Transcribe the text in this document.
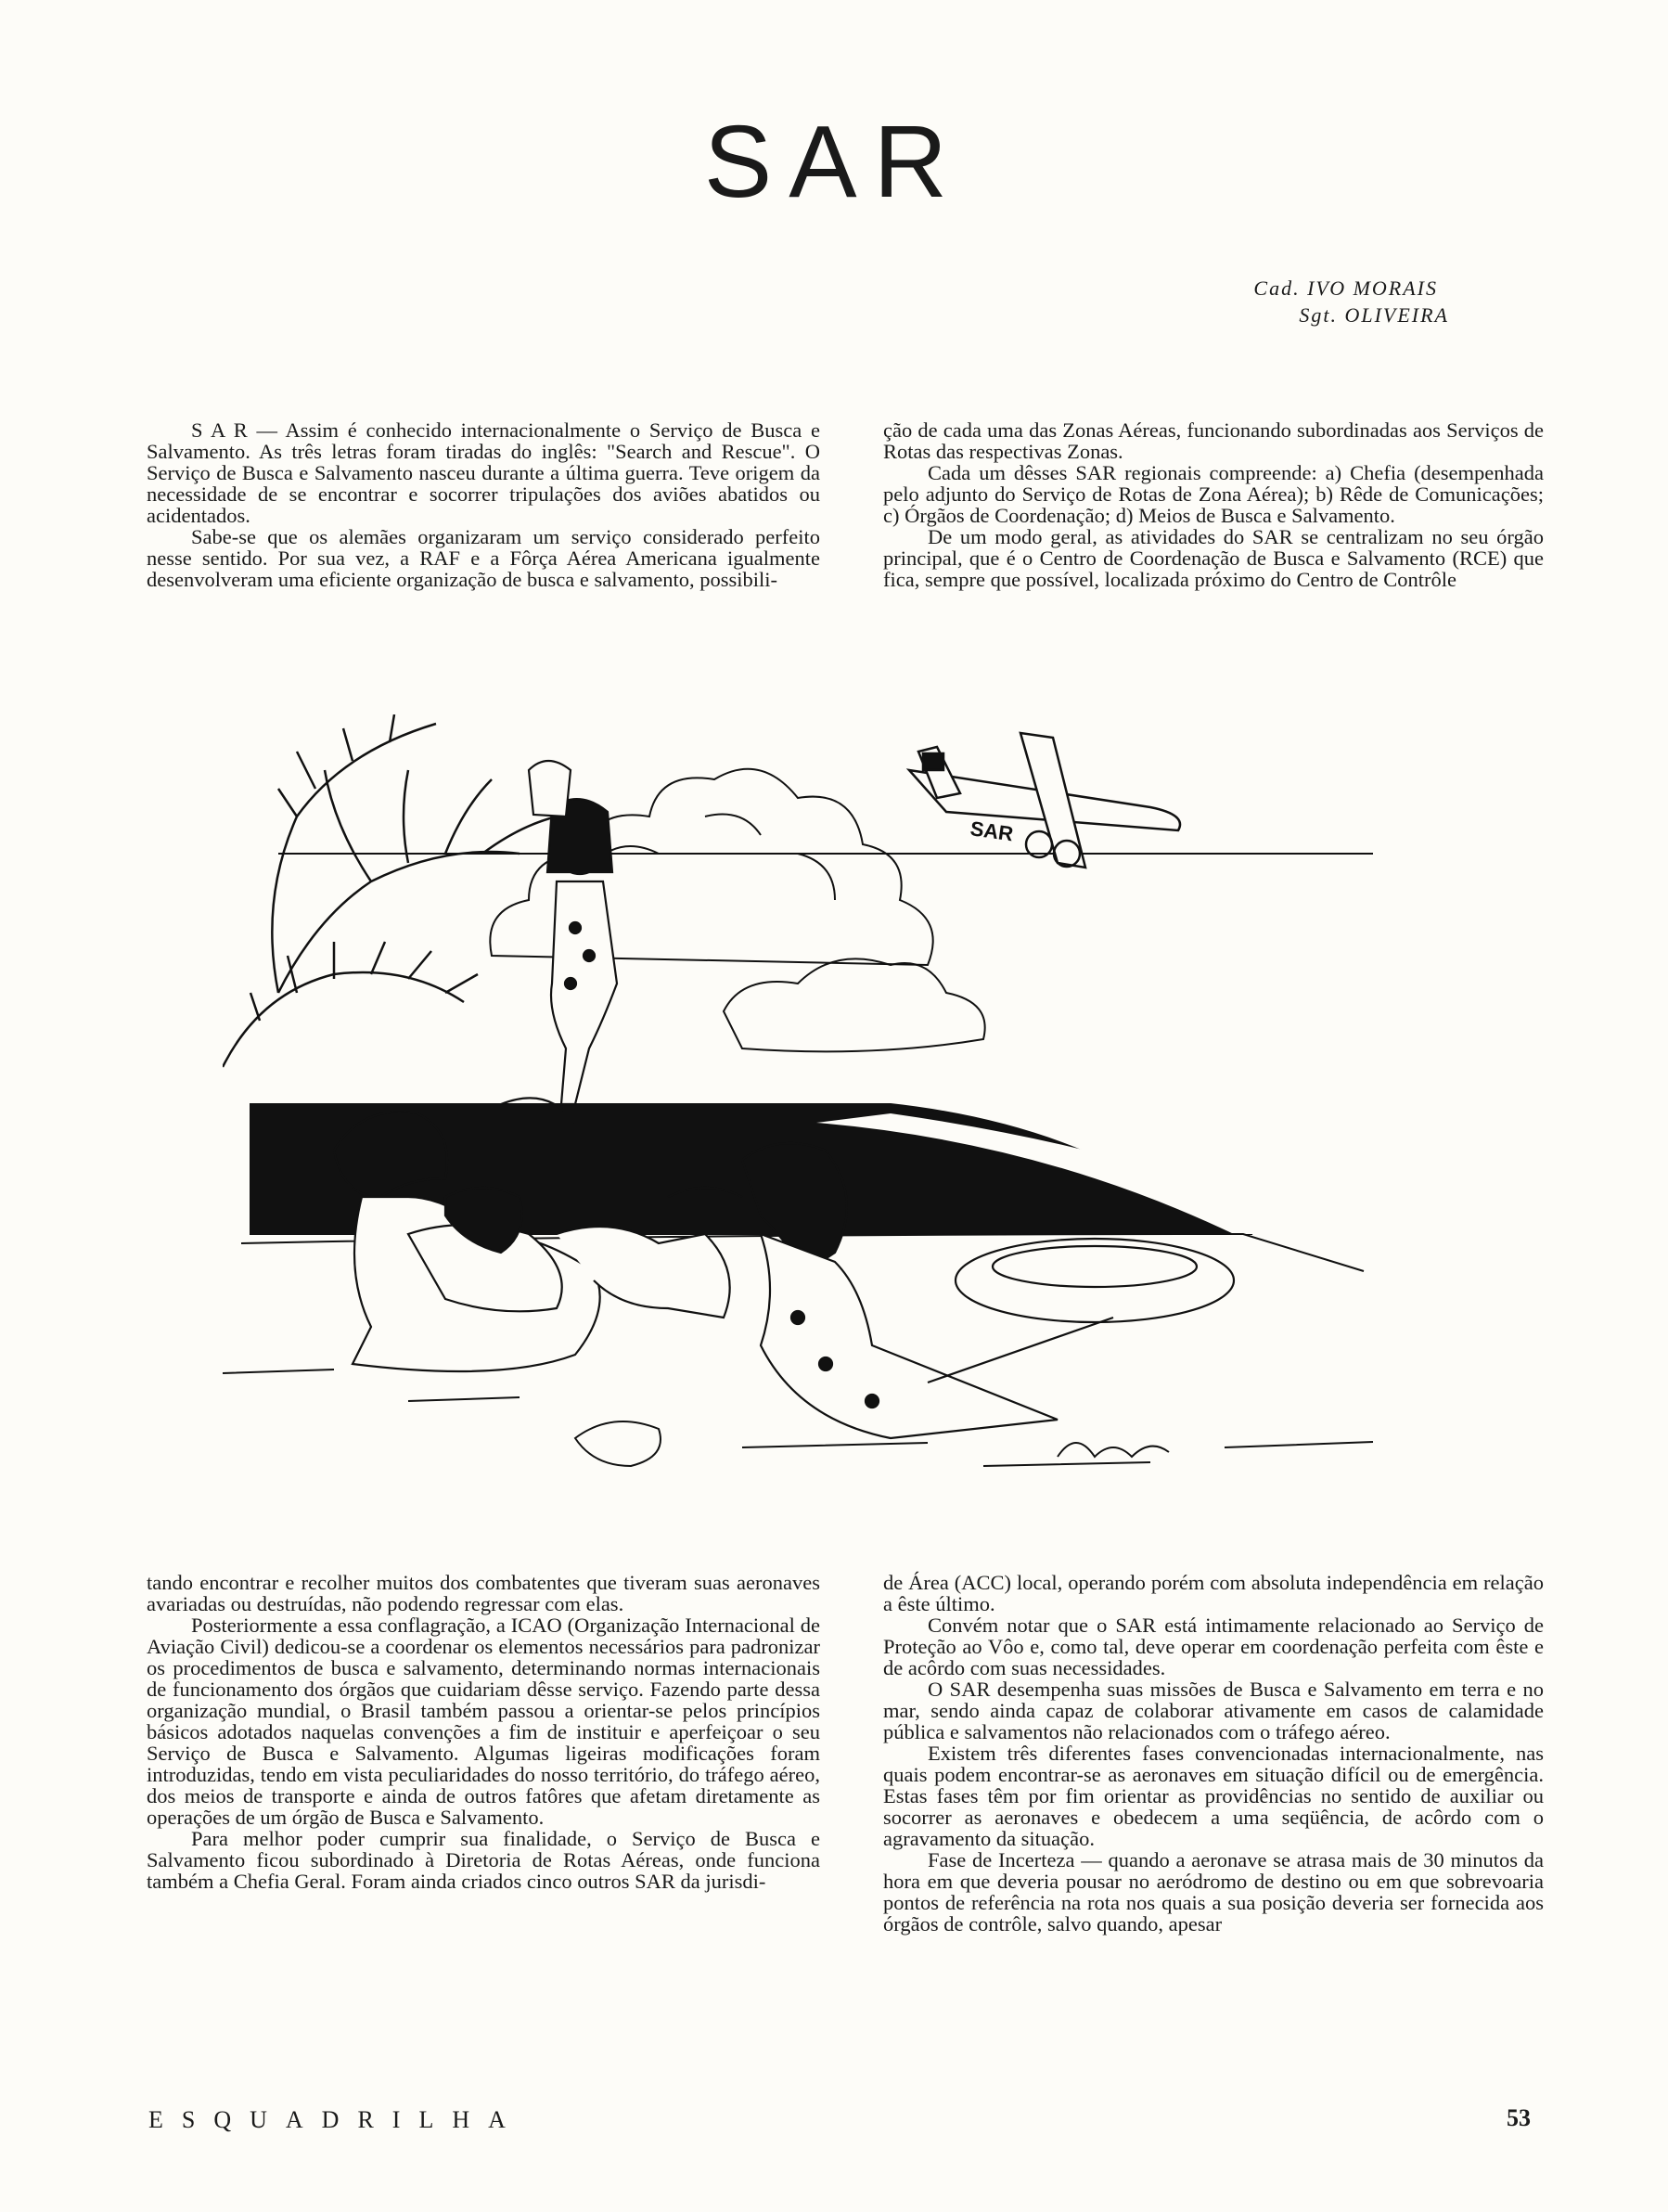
SAR
Cad. IVO MORAIS
Sgt. OLIVEIRA

S A R — Assim é conhecido internacionalmente o Serviço de Busca e Salvamento. As três letras foram tiradas do inglês: "Search and Rescue". O Serviço de Busca e Salvamento nasceu durante a última guerra. Teve origem da necessidade de se encontrar e socorrer tripulações dos aviões abatidos ou acidentados.

Sabe-se que os alemães organizaram um serviço considerado perfeito nesse sentido. Por sua vez, a RAF e a Fôrça Aérea Americana igualmente desenvolveram uma eficiente organização de busca e salvamento, possibili-

ção de cada uma das Zonas Aéreas, funcionando subordinadas aos Serviços de Rotas das respectivas Zonas.

Cada um dêsses SAR regionais compreende: a) Chefia (desempenhada pelo adjunto do Serviço de Rotas de Zona Aérea); b) Rêde de Comunicações; c) Órgãos de Coordenação; d) Meios de Busca e Salvamento.

De um modo geral, as atividades do SAR se centralizam no seu órgão principal, que é o Centro de Coordenação de Busca e Salvamento (RCE) que fica, sempre que possível, localizada próximo do Centro de Contrôle

SAR

tando encontrar e recolher muitos dos combatentes que tiveram suas aeronaves avariadas ou destruídas, não podendo regressar com elas.

Posteriormente a essa conflagração, a ICAO (Organização Internacional de Aviação Civil) dedicou-se a coordenar os elementos necessários para padronizar os procedimentos de busca e salvamento, determinando normas internacionais de funcionamento dos órgãos que cuidariam dêsse serviço. Fazendo parte dessa organização mundial, o Brasil também passou a orientar-se pelos princípios básicos adotados naquelas convenções a fim de instituir e aperfeiçoar o seu Serviço de Busca e Salvamento. Algumas ligeiras modificações foram introduzidas, tendo em vista peculiaridades do nosso território, do tráfego aéreo, dos meios de transporte e ainda de outros fatôres que afetam diretamente as operações de um órgão de Busca e Salvamento.

Para melhor poder cumprir sua finalidade, o Serviço de Busca e Salvamento ficou subordinado à Diretoria de Rotas Aéreas, onde funciona também a Chefia Geral. Foram ainda criados cinco outros SAR da jurisdi-

de Área (ACC) local, operando porém com absoluta independência em relação a êste último.

Convém notar que o SAR está intimamente relacionado ao Serviço de Proteção ao Vôo e, como tal, deve operar em coordenação perfeita com êste e de acôrdo com suas necessidades.

O SAR desempenha suas missões de Busca e Salvamento em terra e no mar, sendo ainda capaz de colaborar ativamente em casos de calamidade pública e salvamentos não relacionados com o tráfego aéreo.

Existem três diferentes fases convencionadas internacionalmente, nas quais podem encontrar-se as aeronaves em situação difícil ou de emergência. Estas fases têm por fim orientar as providências no sentido de auxiliar ou socorrer as aeronaves e obedecem a uma seqüência, de acôrdo com o agravamento da situação.

Fase de Incerteza — quando a aeronave se atrasa mais de 30 minutos da hora em que deveria pousar no aeródromo de destino ou em que sobrevoaria pontos de referência na rota nos quais a sua posição deveria ser fornecida aos órgãos de contrôle, salvo quando, apesar

ESQUADRILHA	53
